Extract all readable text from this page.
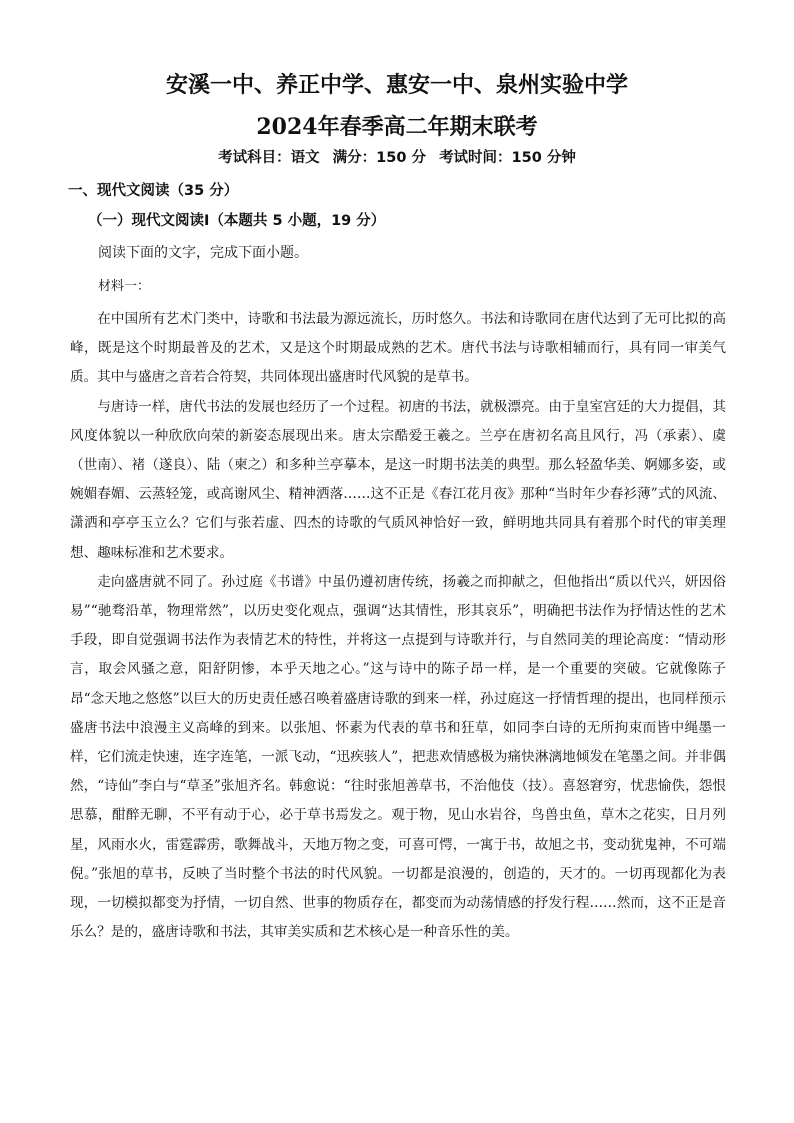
安溪一中、养正中学、惠安一中、泉州实验中学
2024年春季高二年期末联考
考试科目：语文 满分：150 分 考试时间：150 分钟
一、现代文阅读（35 分）
（一）现代文阅读Ⅰ（本题共 5 小题，19 分）
阅读下面的文字，完成下面小题。
材料一：

在中国所有艺术门类中，诗歌和书法最为源远流长，历时悠久。书法和诗歌同在唐代达到了无可比拟的高峰，既是这个时期最普及的艺术，又是这个时期最成熟的艺术。唐代书法与诗歌相辅而行，具有同一审美气质。其中与盛唐之音若合符契，共同体现出盛唐时代风貌的是草书。

与唐诗一样，唐代书法的发展也经历了一个过程。初唐的书法，就极漂亮。由于皇室宫廷的大力提倡，其风度体貌以一种欣欣向荣的新姿态展现出来。唐太宗酷爱王羲之。兰亭在唐初名高且风行，冯（承素）、虞（世南）、褚（遂良）、陆（柬之）和多种兰亭摹本，是这一时期书法美的典型。那么轻盈华美、婀娜多姿，或婉媚春媚、云蒸轻笼，或高谢风尘、精神洒落……这不正是《春江花月夜》那种“当时年少春衫薄”式的风流、潇洒和亭亭玉立么？它们与张若虚、四杰的诗歌的气质风神恰好一致，鲜明地共同具有着那个时代的审美理想、趣味标准和艺术要求。

走向盛唐就不同了。孙过庭《书谱》中虽仍遵初唐传统，扬羲之而抑献之，但他指出“质以代兴，妍因俗易”“驰骛沿革，物理常然”，以历史变化观点，强调“达其情性，形其哀乐”，明确把书法作为抒情达性的艺术手段，即自觉强调书法作为表情艺术的特性，并将这一点提到与诗歌并行，与自然同美的理论高度：“情动形言，取会风骚之意，阳舒阴惨，本乎天地之心。”这与诗中的陈子昂一样，是一个重要的突破。它就像陈子昂“念天地之悠悠”以巨大的历史责任感召唤着盛唐诗歌的到来一样，孙过庭这一抒情哲理的提出，也同样预示盛唐书法中浪漫主义高峰的到来。以张旭、怀素为代表的草书和狂草，如同李白诗的无所拘束而皆中绳墨一样，它们流走快速，连字连笔，一派飞动，“迅疾骇人”，把悲欢情感极为痛快淋漓地倾发在笔墨之间。并非偶然，“诗仙”李白与“草圣”张旭齐名。韩愈说：“往时张旭善草书，不治他伎（技）。喜怒窘穷，忧悲愉佚，怨恨思慕，酣醉无聊，不平有动于心，必于草书焉发之。观于物，见山水岩谷，鸟兽虫鱼，草木之花实，日月列星，风雨水火，雷霆霹雳，歌舞战斗，天地万物之变，可喜可愕，一寓于书，故旭之书，变动犹鬼神，不可端倪。”张旭的草书，反映了当时整个书法的时代风貌。一切都是浪漫的，创造的，天才的。一切再现都化为表现，一切模拟都变为抒情，一切自然、世事的物质存在，都变而为动荡情感的抒发行程……然而，这不正是音乐么？是的，盛唐诗歌和书法，其审美实质和艺术核心是一种音乐性的美。
